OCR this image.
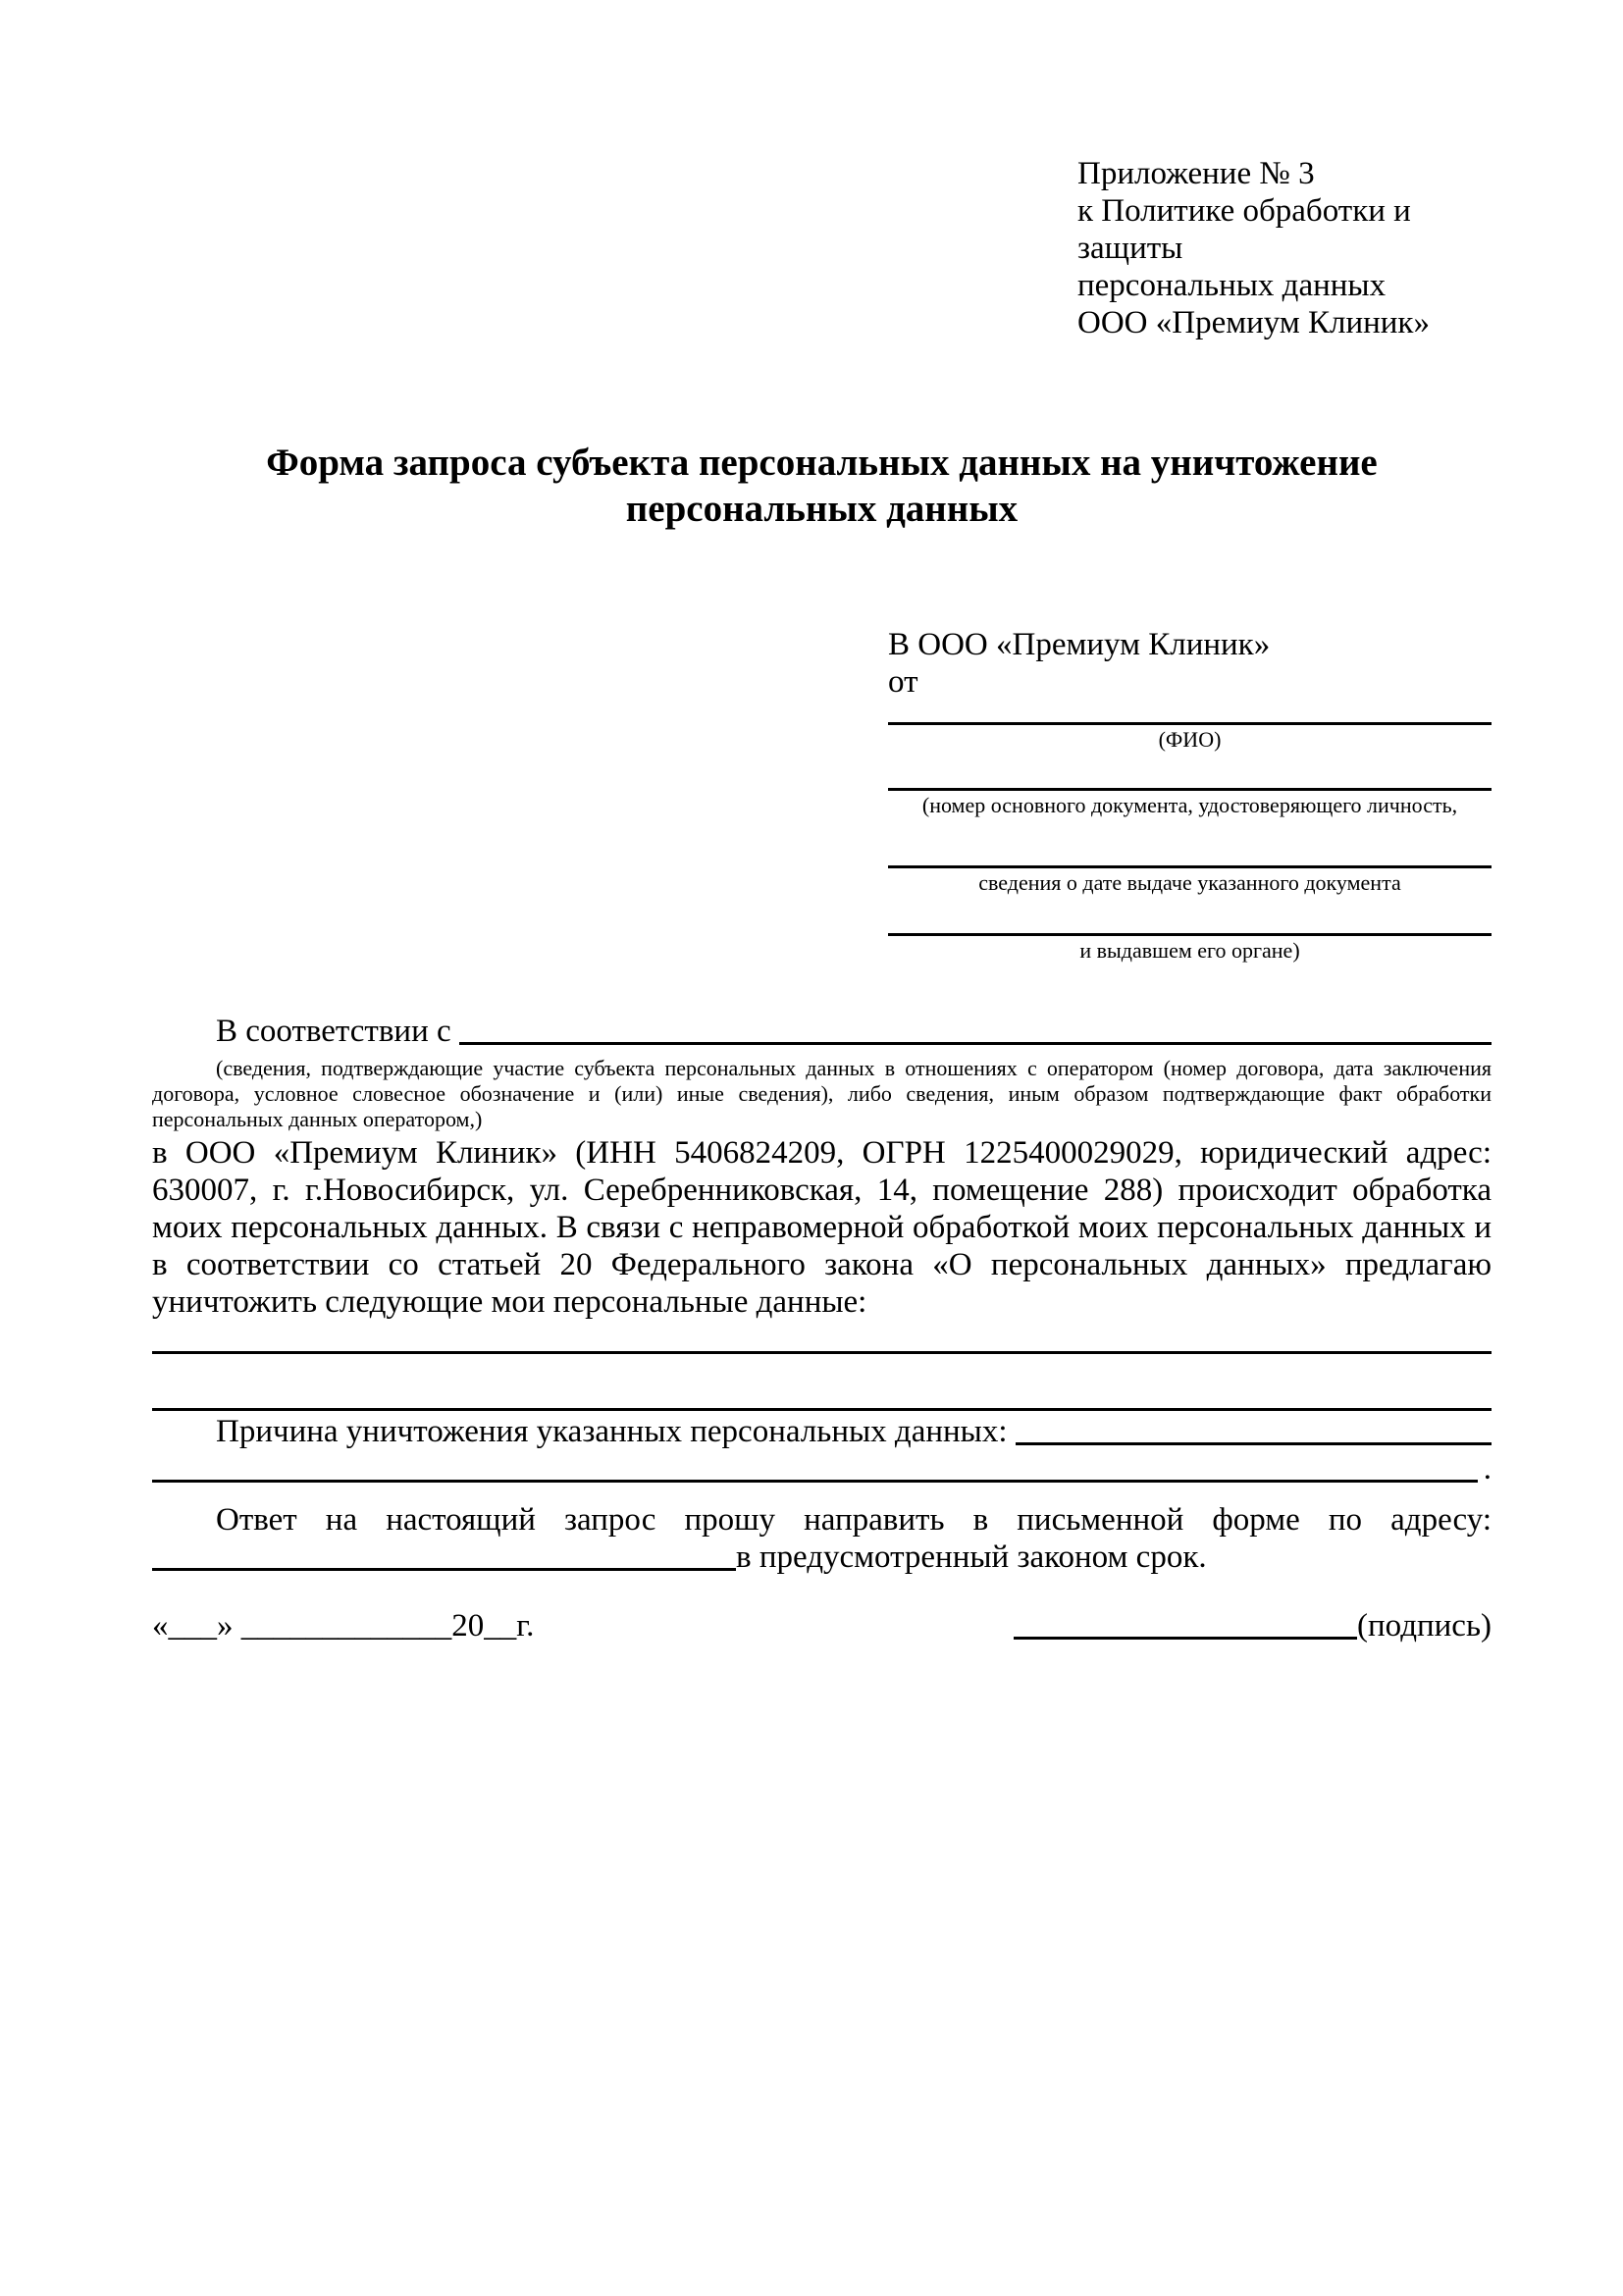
Приложение № 3
к Политике обработки и защиты
персональных данных
ООО «Премиум Клиник»
Форма запроса субъекта персональных данных на уничтожение
персональных данных
В ООО «Премиум Клиник»
от
(ФИО)
(номер основного документа, удостоверяющего личность,
сведения о дате выдаче указанного документа
и выдавшем его органе)
В соответствии с
(сведения, подтверждающие участие субъекта персональных данных в отношениях с оператором (номер договора, дата заключения договора, условное словесное обозначение и (или) иные сведения), либо сведения, иным образом подтверждающие факт обработки персональных данных оператором,)
в ООО «Премиум Клиник» (ИНН 5406824209, ОГРН 1225400029029, юридический адрес: 630007, г. г.Новосибирск, ул. Серебренниковская, 14, помещение 288) происходит обработка моих персональных данных. В связи с неправомерной обработкой моих персональных данных и в соответствии со статьей 20 Федерального закона «О персональных данных» предлагаю уничтожить следующие мои персональные данные:
Причина уничтожения указанных персональных данных:
.
Ответ на настоящий запрос прошу направить в письменной форме по адресу:
в предусмотренный законом срок.
«___» _____________20__г.	(подпись)
